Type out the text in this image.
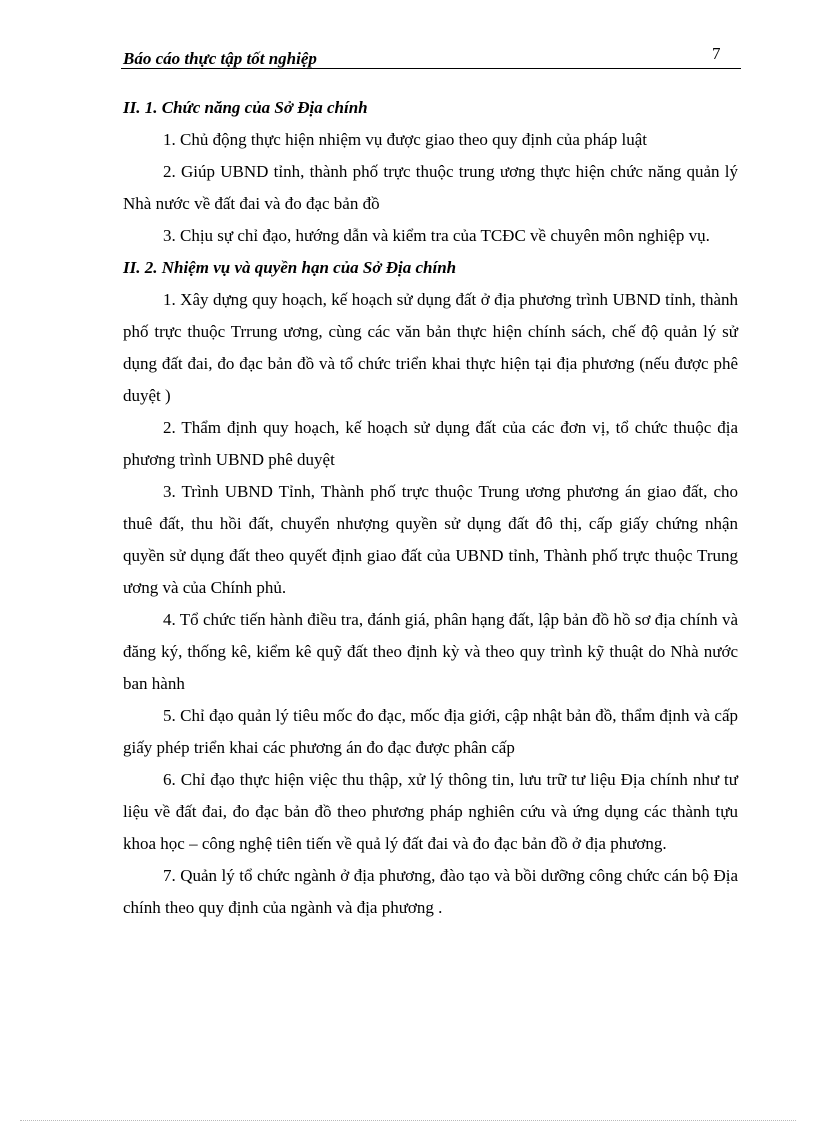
7
Báo cáo thực tập tốt nghiệp

II. 1. Chức năng của Sở Địa chính

1. Chủ động thực hiện nhiệm vụ được giao theo quy định của pháp luật

2. Giúp UBND tỉnh, thành phố trực thuộc trung ương thực hiện chức năng quản lý Nhà nước về đất đai và đo đạc bản đồ

3. Chịu sự chỉ đạo, hướng dẫn và kiểm tra của TCĐC về chuyên môn nghiệp vụ.

II. 2. Nhiệm vụ và quyền hạn của Sở Địa chính

1. Xây dựng quy hoạch, kế hoạch sử dụng đất ở địa phương trình UBND tỉnh, thành phố trực thuộc Trrung ương, cùng các văn bản thực hiện chính sách, chế độ quản lý sử dụng đất đai, đo đạc bản đồ và tổ chức triển khai thực hiện tại địa phương (nếu được phê duyệt )

2. Thẩm định quy hoạch, kế hoạch sử dụng đất của các đơn vị, tổ chức thuộc địa phương trình UBND phê duyệt

3. Trình UBND Tỉnh, Thành phố trực thuộc Trung ương phương án giao đất, cho thuê đất, thu hồi đất, chuyển nhượng quyền sử dụng đất đô thị, cấp giấy chứng nhận quyền sử dụng đất theo quyết định giao đất của UBND tỉnh, Thành phố trực thuộc Trung ương và của Chính phủ.

4. Tổ chức tiến hành điều tra, đánh giá, phân hạng đất, lập bản đồ hồ sơ địa chính và đăng ký, thống kê, kiểm kê quỹ đất theo định kỳ và theo quy trình kỹ thuật do Nhà nước ban hành

5. Chỉ đạo quản lý tiêu mốc đo đạc, mốc địa giới, cập nhật bản đồ, thẩm định và cấp giấy phép triển khai các phương án đo đạc được phân cấp

6. Chỉ đạo thực hiện việc thu thập, xử lý thông tin, lưu trữ tư liệu Địa chính như tư liệu về đất đai, đo đạc bản đồ theo phương pháp nghiên cứu và ứng dụng các thành tựu khoa học – công nghệ tiên tiến về quả lý đất đai và đo đạc bản đồ ở địa phương.

7. Quản lý tổ chức ngành ở địa phương, đào tạo và bồi dưỡng công chức cán bộ Địa chính theo quy định của ngành và địa phương .
